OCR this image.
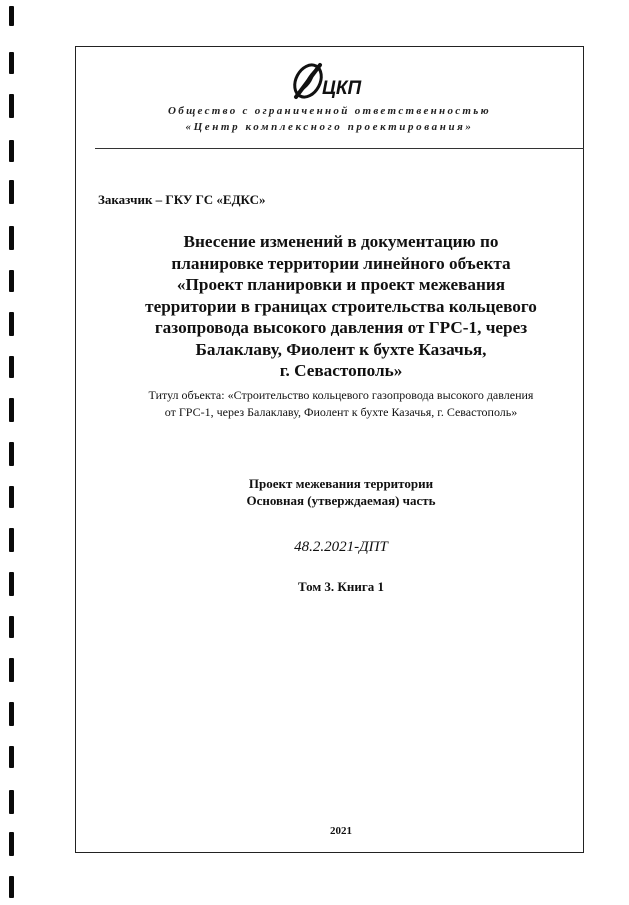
ЦКП
Общество с ограниченной ответственностью
«Центр комплексного проектирования»
Заказчик – ГКУ ГС «ЕДКС»
Внесение изменений в документацию по
планировке территории линейного объекта
«Проект планировки и проект межевания
территории в границах строительства кольцевого
газопровода высокого давления от ГРС-1, через
Балаклаву, Фиолент к бухте Казачья,
г. Севастополь»
Титул объекта: «Строительство кольцевого газопровода высокого давления
от ГРС-1, через Балаклаву, Фиолент к бухте Казачья, г. Севастополь»
Проект межевания территории
Основная (утверждаемая) часть
48.2.2021-ДПТ
Том 3. Книга 1
2021
